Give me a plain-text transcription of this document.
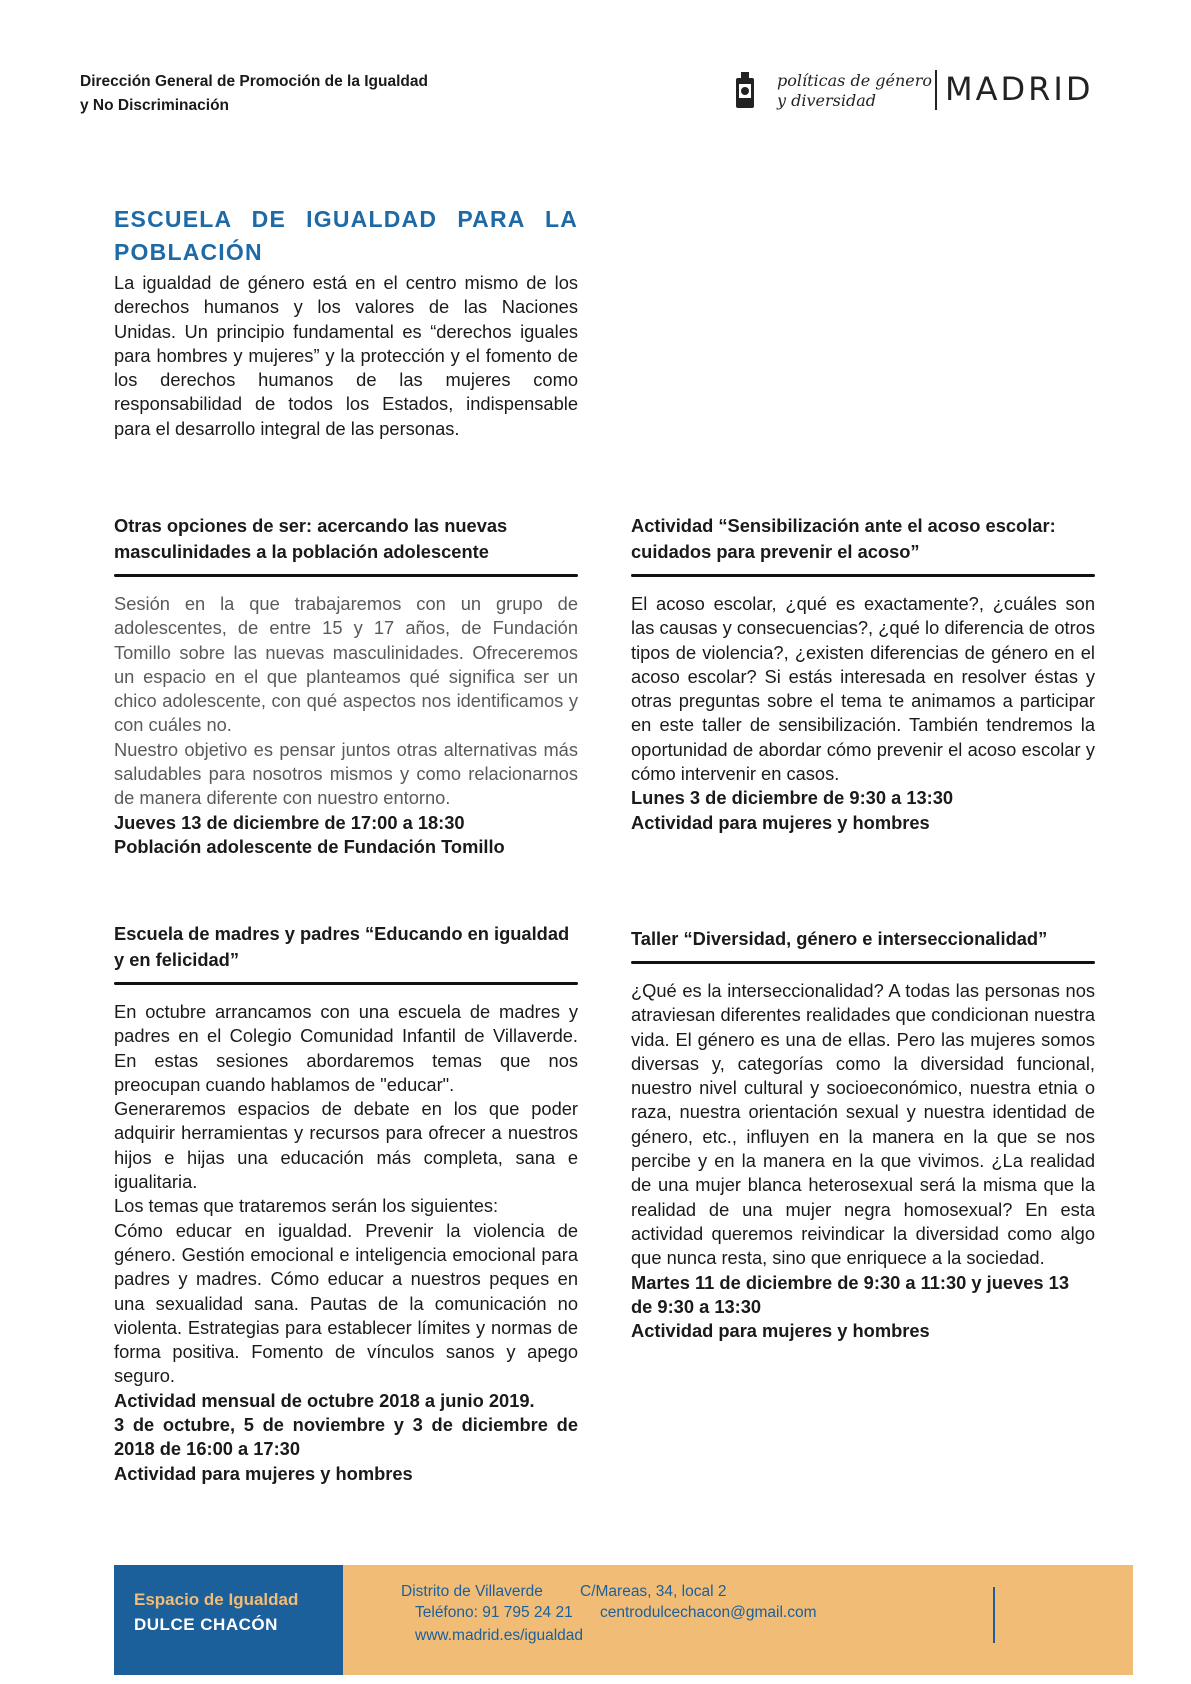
Dirección General de Promoción de la Igualdad
y No Discriminación
políticas de género
y diversidad	MADRID
ESCUELA DE IGUALDAD PARA LA POBLACIÓN
La igualdad de género está en el centro mismo de los derechos humanos y los valores de las Naciones Unidas. Un principio fundamental es “derechos iguales para hombres y mujeres” y la protección y el fomento de los derechos humanos de las mujeres como responsabilidad de todos los Estados, indispensable para el desarrollo integral de las personas.
Otras opciones de ser: acercando las nuevas masculinidades a la población adolescente

Sesión en la que trabajaremos con un grupo de adolescentes, de entre 15 y 17 años, de Fundación Tomillo sobre las nuevas masculinidades. Ofreceremos un espacio en el que planteamos qué significa ser un chico adolescente, con qué aspectos nos identificamos y con cuáles no.

Nuestro objetivo es pensar juntos otras alternativas más saludables para nosotros mismos y como relacionarnos de manera diferente con nuestro entorno.

Jueves 13 de diciembre de 17:00 a 18:30
Población adolescente de Fundación Tomillo
Actividad “Sensibilización ante el acoso escolar: cuidados para prevenir el acoso”

El acoso escolar, ¿qué es exactamente?, ¿cuáles son las causas y consecuencias?, ¿qué lo diferencia de otros tipos de violencia?, ¿existen diferencias de género en el acoso escolar? Si estás interesada en resolver éstas y otras preguntas sobre el tema te animamos a participar en este taller de sensibilización. También tendremos la oportunidad de abordar cómo prevenir el acoso escolar y cómo intervenir en casos.

Lunes 3 de diciembre de 9:30 a 13:30
Actividad para mujeres y hombres
Escuela de madres y padres “Educando en igualdad y en felicidad”

En octubre arrancamos con una escuela de madres y padres en el Colegio Comunidad Infantil de Villaverde. En estas sesiones abordaremos temas que nos preocupan cuando hablamos de "educar".

Generaremos espacios de debate en los que poder adquirir herramientas y recursos para ofrecer a nuestros hijos e hijas una educación más completa, sana e igualitaria.

Los temas que trataremos serán los siguientes:

Cómo educar en igualdad. Prevenir la violencia de género. Gestión emocional e inteligencia emocional para padres y madres. Cómo educar a nuestros peques en una sexualidad sana. Pautas de la comunicación no violenta. Estrategias para establecer límites y normas de forma positiva. Fomento de vínculos sanos y apego seguro.

Actividad mensual de octubre 2018 a junio 2019.
3 de octubre, 5 de noviembre y 3 de diciembre de 2018 de 16:00 a 17:30
Actividad para mujeres y hombres
Taller “Diversidad, género e interseccionalidad”

¿Qué es la interseccionalidad? A todas las personas nos atraviesan diferentes realidades que condicionan nuestra vida. El género es una de ellas. Pero las mujeres somos diversas y, categorías como la diversidad funcional, nuestro nivel cultural y socioeconómico, nuestra etnia o raza, nuestra orientación sexual y nuestra identidad de género, etc., influyen en la manera en la que se nos percibe y en la manera en la que vivimos. ¿La realidad de una mujer blanca heterosexual será la misma que la realidad de una mujer negra homosexual? En esta actividad queremos reivindicar la diversidad como algo que nunca resta, sino que enriquece a la sociedad.

Martes 11 de diciembre de 9:30 a 11:30 y jueves 13 de 9:30 a 13:30
Actividad para mujeres y hombres
Espacio de Igualdad
DULCE CHACÓN
Distrito de Villaverde C/Mareas, 34, local 2
Teléfono: 91 795 24 21 centrodulcechacon@gmail.com
www.madrid.es/igualdad
